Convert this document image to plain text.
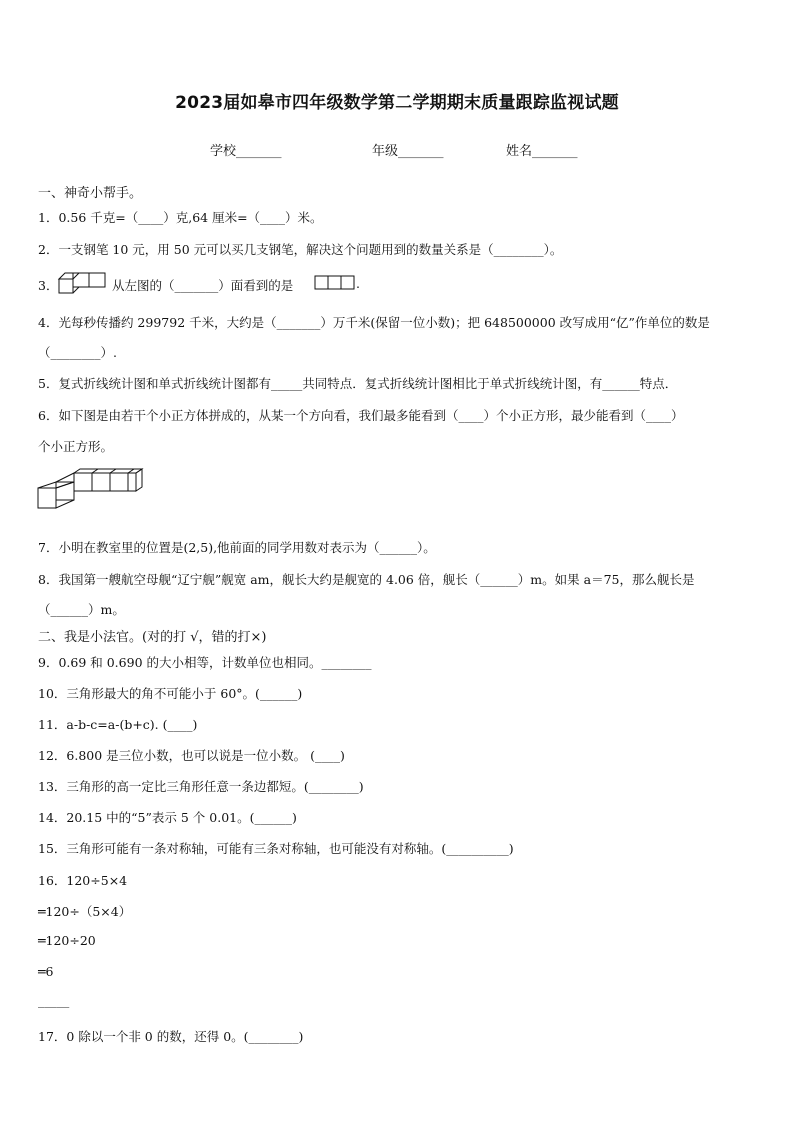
2023届如皋市四年级数学第二学期期末质量跟踪监视试题
学校_______	年级_______	姓名_______
一、神奇小帮手。
1．0.56 千克=（____）克,64 厘米=（____）米。
2．一支钢笔 10 元，用 50 元可以买几支钢笔，解决这个问题用到的数量关系是（________）。
3．	从左图的（_______）面看到的是	.
4．光每秒传播约 299792 千米，大约是（_______）万千米(保留一位小数)；把 648500000 改写成用“亿”作单位的数是
（________）.
5．复式折线统计图和单式折线统计图都有_____共同特点．复式折线统计图相比于单式折线统计图，有______特点．
6．如下图是由若干个小正方体拼成的，从某一个方向看，我们最多能看到（____）个小正方形，最少能看到（____）
个小正方形。
7．小明在教室里的位置是(2,5),他前面的同学用数对表示为（______）。
8．我国第一艘航空母舰“辽宁舰”舰宽 am，舰长大约是舰宽的 4.06 倍，舰长（______）m。如果 a＝75，那么舰长是
（______）m。
二、我是小法官。(对的打 √，错的打×)
9．0.69 和 0.690 的大小相等，计数单位也相同。________
10．三角形最大的角不可能小于 60°。(______)
11．a-b-c=a-(b+c). (____)
12．6.800 是三位小数，也可以说是一位小数。 (____)
13．三角形的高一定比三角形任意一条边都短。(________)
14．20.15 中的“5”表示 5 个 0.01。(______)
15．三角形可能有一条对称轴，可能有三条对称轴，也可能没有对称轴。(__________)
16．120÷5×4
═120÷（5×4）
═120÷20
═6
_____
17．0 除以一个非 0 的数，还得 0。(________)
